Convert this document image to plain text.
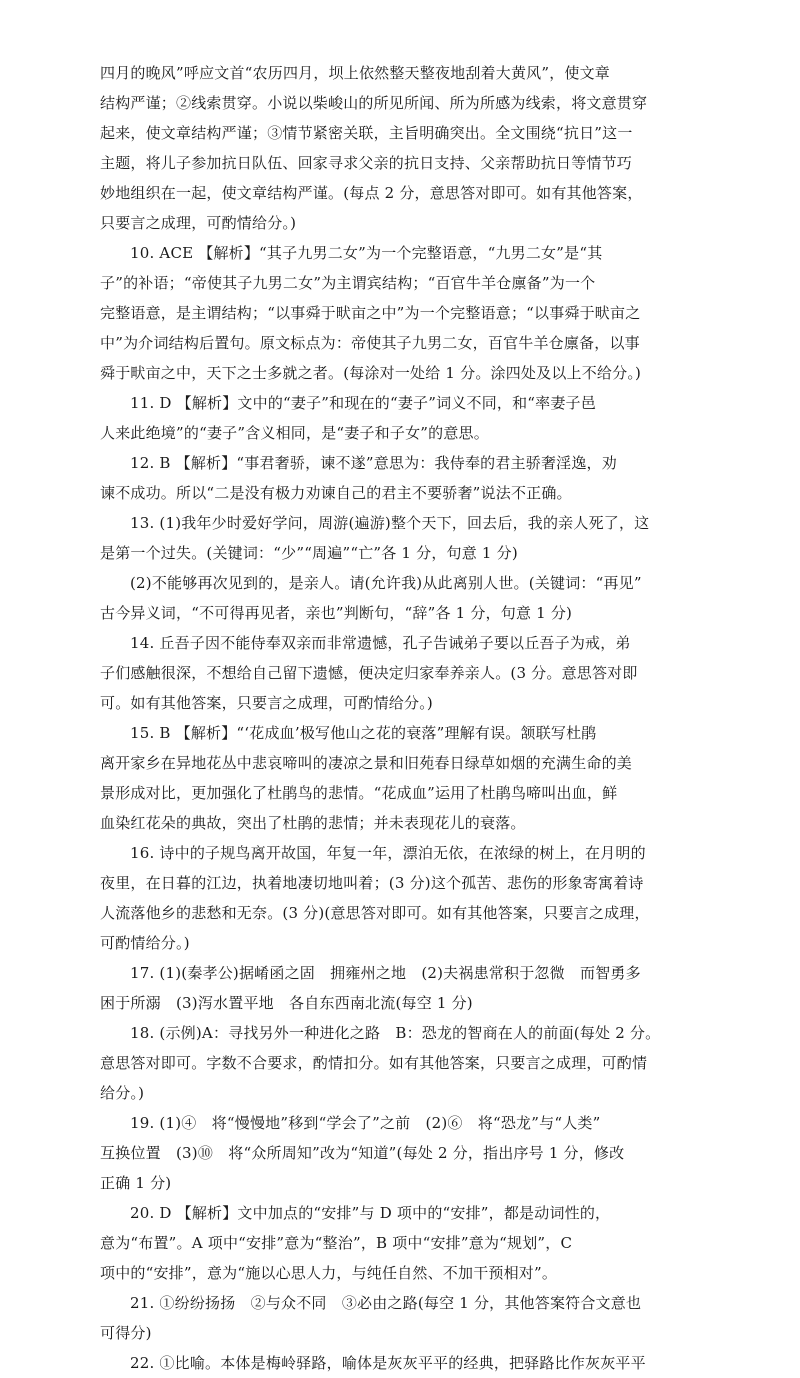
四月的晚风”呼应文首“农历四月，坝上依然整天整夜地刮着大黄风”，使文章
结构严谨；②线索贯穿。小说以柴峻山的所见所闻、所为所感为线索，将文意贯穿
起来，使文章结构严谨；③情节紧密关联，主旨明确突出。全文围绕“抗日”这一
主题，将儿子参加抗日队伍、回家寻求父亲的抗日支持、父亲帮助抗日等情节巧
妙地组织在一起，使文章结构严谨。(每点 2 分，意思答对即可。如有其他答案，
只要言之成理，可酌情给分。)
10. ACE 【解析】“其子九男二女”为一个完整语意，“九男二女”是“其
子”的补语；“帝使其子九男二女”为主谓宾结构；“百官牛羊仓廪备”为一个
完整语意，是主谓结构；“以事舜于畎亩之中”为一个完整语意；“以事舜于畎亩之
中”为介词结构后置句。原文标点为：帝使其子九男二女，百官牛羊仓廪备，以事
舜于畎亩之中，天下之士多就之者。(每涂对一处给 1 分。涂四处及以上不给分。)
11. D 【解析】文中的“妻子”和现在的“妻子”词义不同，和“率妻子邑
人来此绝境”的“妻子”含义相同，是“妻子和子女”的意思。
12. B 【解析】“事君奢骄，谏不遂”意思为：我侍奉的君主骄奢淫逸，劝
谏不成功。所以“二是没有极力劝谏自己的君主不要骄奢”说法不正确。
13. (1)我年少时爱好学问，周游(遍游)整个天下，回去后，我的亲人死了，这
是第一个过失。(关键词：“少”“周遍”“亡”各 1 分，句意 1 分)
(2)不能够再次见到的，是亲人。请(允许我)从此离别人世。(关键词：“再见”
古今异义词，“不可得再见者，亲也”判断句，“辞”各 1 分，句意 1 分)
14. 丘吾子因不能侍奉双亲而非常遗憾，孔子告诫弟子要以丘吾子为戒，弟
子们感触很深，不想给自己留下遗憾，便决定归家奉养亲人。(3 分。意思答对即
可。如有其他答案，只要言之成理，可酌情给分。)
15. B 【解析】“‘花成血’极写他山之花的衰落”理解有误。颔联写杜鹃
离开家乡在异地花丛中悲哀啼叫的凄凉之景和旧苑春日绿草如烟的充满生命的美
景形成对比，更加强化了杜鹃鸟的悲情。“花成血”运用了杜鹃鸟啼叫出血，鲜
血染红花朵的典故，突出了杜鹃的悲情；并未表现花儿的衰落。
16. 诗中的子规鸟离开故国，年复一年，漂泊无依，在浓绿的树上，在月明的
夜里，在日暮的江边，执着地凄切地叫着；(3 分)这个孤苦、悲伤的形象寄寓着诗
人流落他乡的悲愁和无奈。(3 分)(意思答对即可。如有其他答案，只要言之成理，
可酌情给分。)
17. (1)(秦孝公)据崤函之固　拥雍州之地　(2)夫祸患常积于忽微　而智勇多
困于所溺　(3)泻水置平地　各自东西南北流(每空 1 分)
18. (示例)A：寻找另外一种进化之路　B：恐龙的智商在人的前面(每处 2 分。
意思答对即可。字数不合要求，酌情扣分。如有其他答案，只要言之成理，可酌情
给分。)
19. (1)④　将“慢慢地”移到“学会了”之前　(2)⑥　将“恐龙”与“人类”
互换位置　(3)⑩　将“众所周知”改为“知道”(每处 2 分，指出序号 1 分，修改
正确 1 分)
20. D 【解析】文中加点的“安排”与 D 项中的“安排”，都是动词性的，
意为“布置”。A 项中“安排”意为“整治”，B 项中“安排”意为“规划”，C
项中的“安排”，意为“施以心思人力，与纯任自然、不加干预相对”。
21. ①纷纷扬扬　②与众不同　③必由之路(每空 1 分，其他答案符合文意也
可得分)
22. ①比喻。本体是梅岭驿路，喻体是灰灰平平的经典，把驿路比作灰灰平平
